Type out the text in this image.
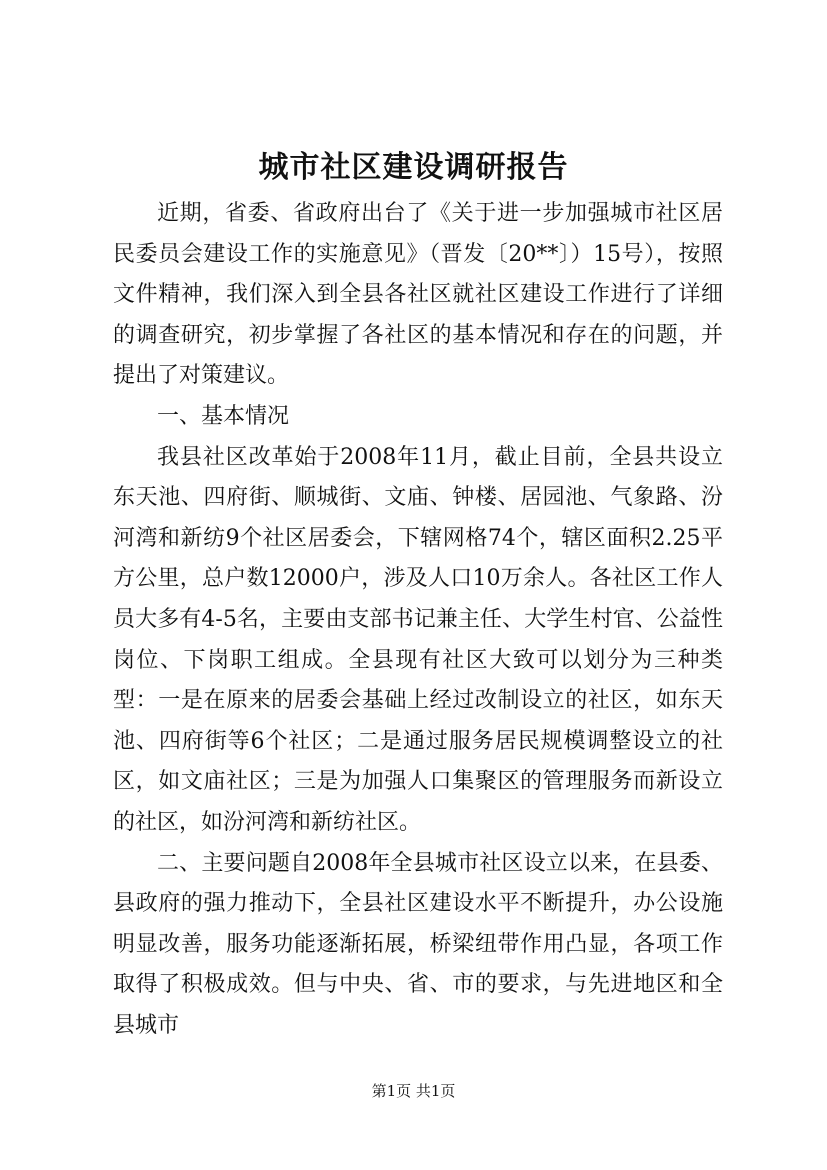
城市社区建设调研报告

近期，省委、省政府出台了《关于进一步加强城市社区居民委员会建设工作的实施意见》（晋发〔20**〕）15号），按照文件精神，我们深入到全县各社区就社区建设工作进行了详细的调查研究，初步掌握了各社区的基本情况和存在的问题，并提出了对策建议。

一、基本情况

我县社区改革始于2008年11月，截止目前，全县共设立东天池、四府街、顺城街、文庙、钟楼、居园池、气象路、汾河湾和新纺9个社区居委会，下辖网格74个，辖区面积2.25平方公里，总户数12000户，涉及人口10万余人。各社区工作人员大多有4-5名，主要由支部书记兼主任、大学生村官、公益性岗位、下岗职工组成。全县现有社区大致可以划分为三种类型：一是在原来的居委会基础上经过改制设立的社区，如东天池、四府街等6个社区；二是通过服务居民规模调整设立的社区，如文庙社区；三是为加强人口集聚区的管理服务而新设立的社区，如汾河湾和新纺社区。

二、主要问题自2008年全县城市社区设立以来，在县委、县政府的强力推动下，全县社区建设水平不断提升，办公设施明显改善，服务功能逐渐拓展，桥梁纽带作用凸显，各项工作取得了积极成效。但与中央、省、市的要求，与先进地区和全县城市

第1页 共1页
